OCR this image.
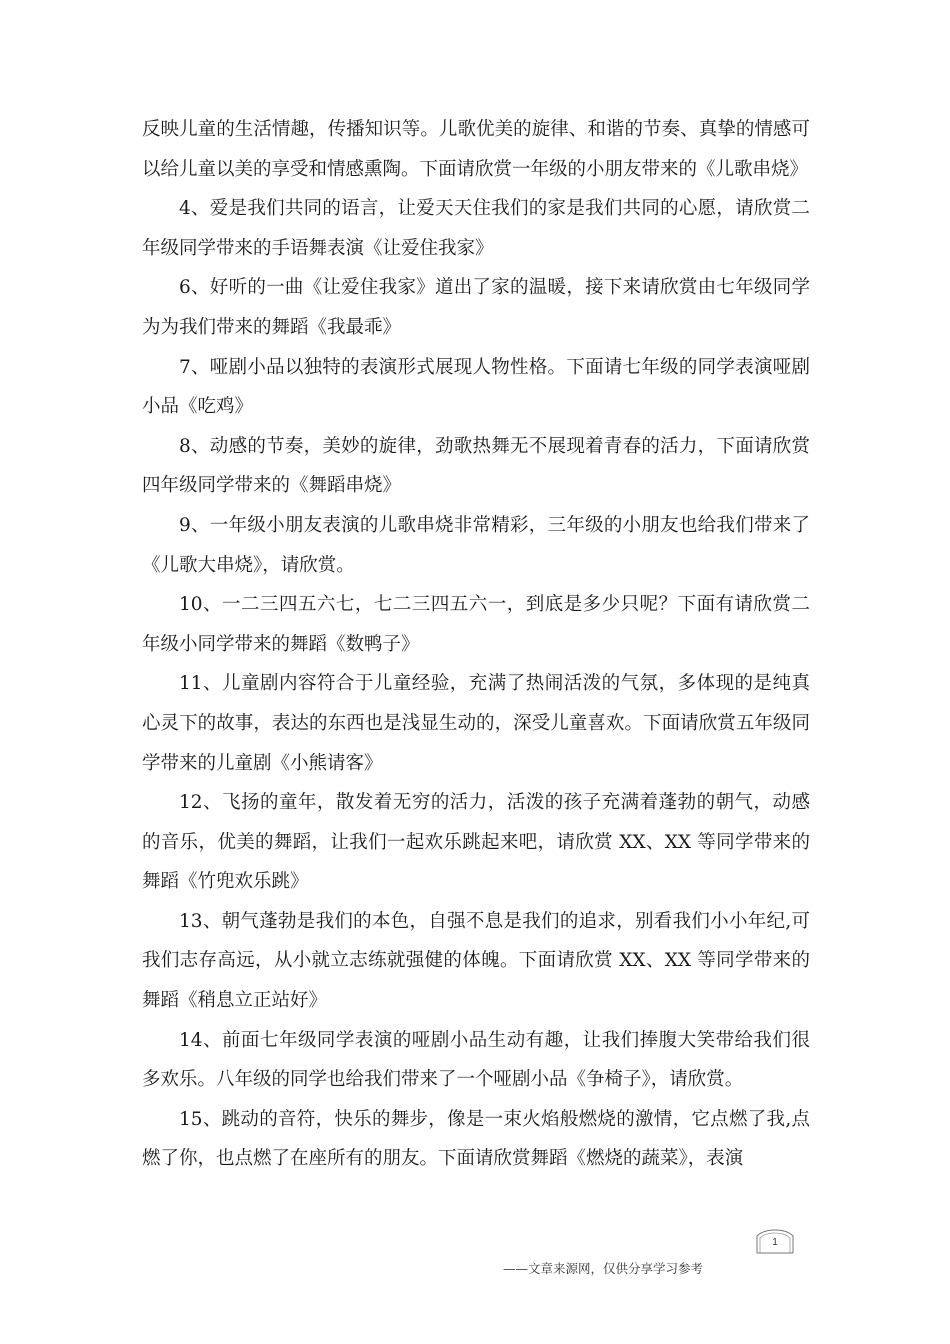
反映儿童的生活情趣，传播知识等。儿歌优美的旋律、和谐的节奏、真挚的情感可以给儿童以美的享受和情感熏陶。下面请欣赏一年级的小朋友带来的《儿歌串烧》

4、爱是我们共同的语言，让爱天天住我们的家是我们共同的心愿，请欣赏二年级同学带来的手语舞表演《让爱住我家》

6、好听的一曲《让爱住我家》道出了家的温暖，接下来请欣赏由七年级同学为为我们带来的舞蹈《我最乖》

7、哑剧小品以独特的表演形式展现人物性格。下面请七年级的同学表演哑剧小品《吃鸡》

8、动感的节奏，美妙的旋律，劲歌热舞无不展现着青春的活力，下面请欣赏四年级同学带来的《舞蹈串烧》

9、一年级小朋友表演的儿歌串烧非常精彩，三年级的小朋友也给我们带来了《儿歌大串烧》，请欣赏。

10、一二三四五六七，七二三四五六一，到底是多少只呢？下面有请欣赏二年级小同学带来的舞蹈《数鸭子》

11、儿童剧内容符合于儿童经验，充满了热闹活泼的气氛，多体现的是纯真心灵下的故事，表达的东西也是浅显生动的，深受儿童喜欢。下面请欣赏五年级同学带来的儿童剧《小熊请客》

12、飞扬的童年，散发着无穷的活力，活泼的孩子充满着蓬勃的朝气，动感的音乐，优美的舞蹈，让我们一起欢乐跳起来吧，请欣赏 XX、XX 等同学带来的舞蹈《竹兜欢乐跳》

13、朝气蓬勃是我们的本色，自强不息是我们的追求，别看我们小小年纪,可我们志存高远，从小就立志练就强健的体魄。下面请欣赏 XX、XX 等同学带来的舞蹈《稍息立正站好》

14、前面七年级同学表演的哑剧小品生动有趣，让我们捧腹大笑带给我们很多欢乐。八年级的同学也给我们带来了一个哑剧小品《争椅子》，请欣赏。

15、跳动的音符，快乐的舞步，像是一束火焰般燃烧的激情，它点燃了我,点燃了你，也点燃了在座所有的朋友。下面请欣赏舞蹈《燃烧的蔬菜》，表演

1
——文章来源网，仅供分享学习参考
